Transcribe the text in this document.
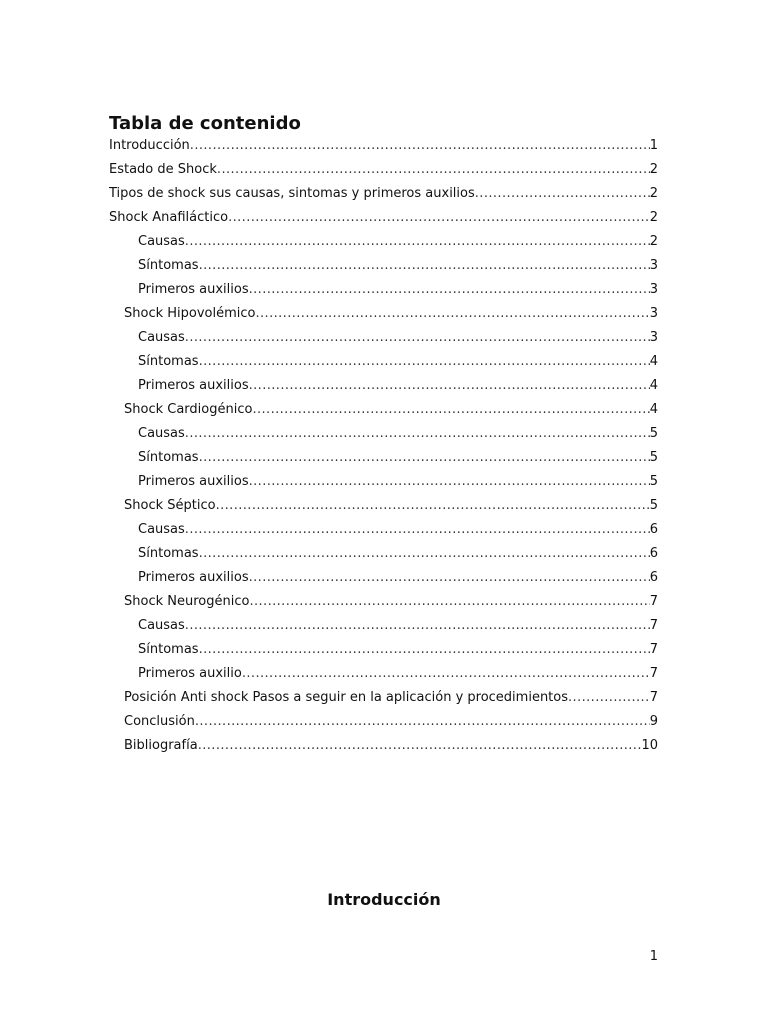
Tabla de contenido
Introducción .....	1
Estado de Shock .....	2
Tipos de shock sus causas, sintomas y primeros auxilios .....	2
Shock Anafiláctico .....	2
Causas .....	2
Síntomas .....	3
Primeros auxilios .....	3
Shock Hipovolémico .....	3
Causas .....	3
Síntomas .....	4
Primeros auxilios .....	4
Shock Cardiogénico .....	4
Causas .....	5
Síntomas .....	5
Primeros auxilios .....	5
Shock Séptico .....	5
Causas .....	6
Síntomas .....	6
Primeros auxilios .....	6
Shock Neurogénico .....	7
Causas .....	7
Síntomas .....	7
Primeros auxilio .....	7
Posición Anti shock Pasos a seguir en la aplicación y procedimientos .....	7
Conclusión .....	9
Bibliografía .....	10
Introducción
1
